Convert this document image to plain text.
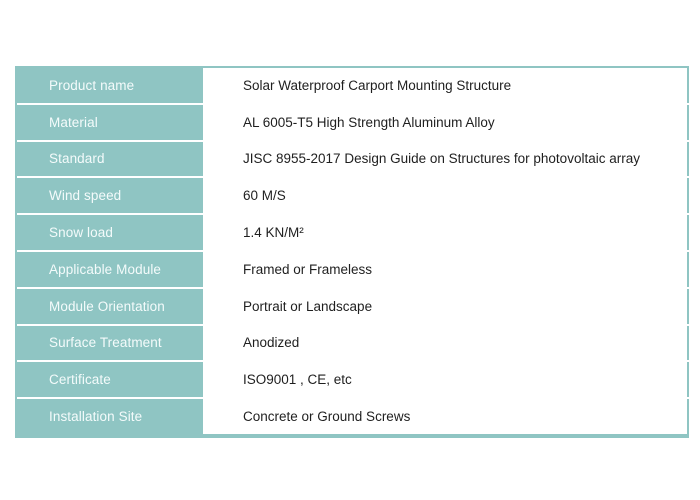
Product name	Solar Waterproof Carport Mounting Structure
Material	AL 6005-T5 High Strength Aluminum Alloy
Standard	JISC 8955-2017 Design Guide on Structures for photovoltaic array
Wind speed	60 M/S
Snow load	1.4 KN/M²
Applicable Module	Framed or Frameless
Module Orientation	Portrait or Landscape
Surface Treatment	Anodized
Certificate	ISO9001 , CE, etc
Installation Site	Concrete or Ground Screws
